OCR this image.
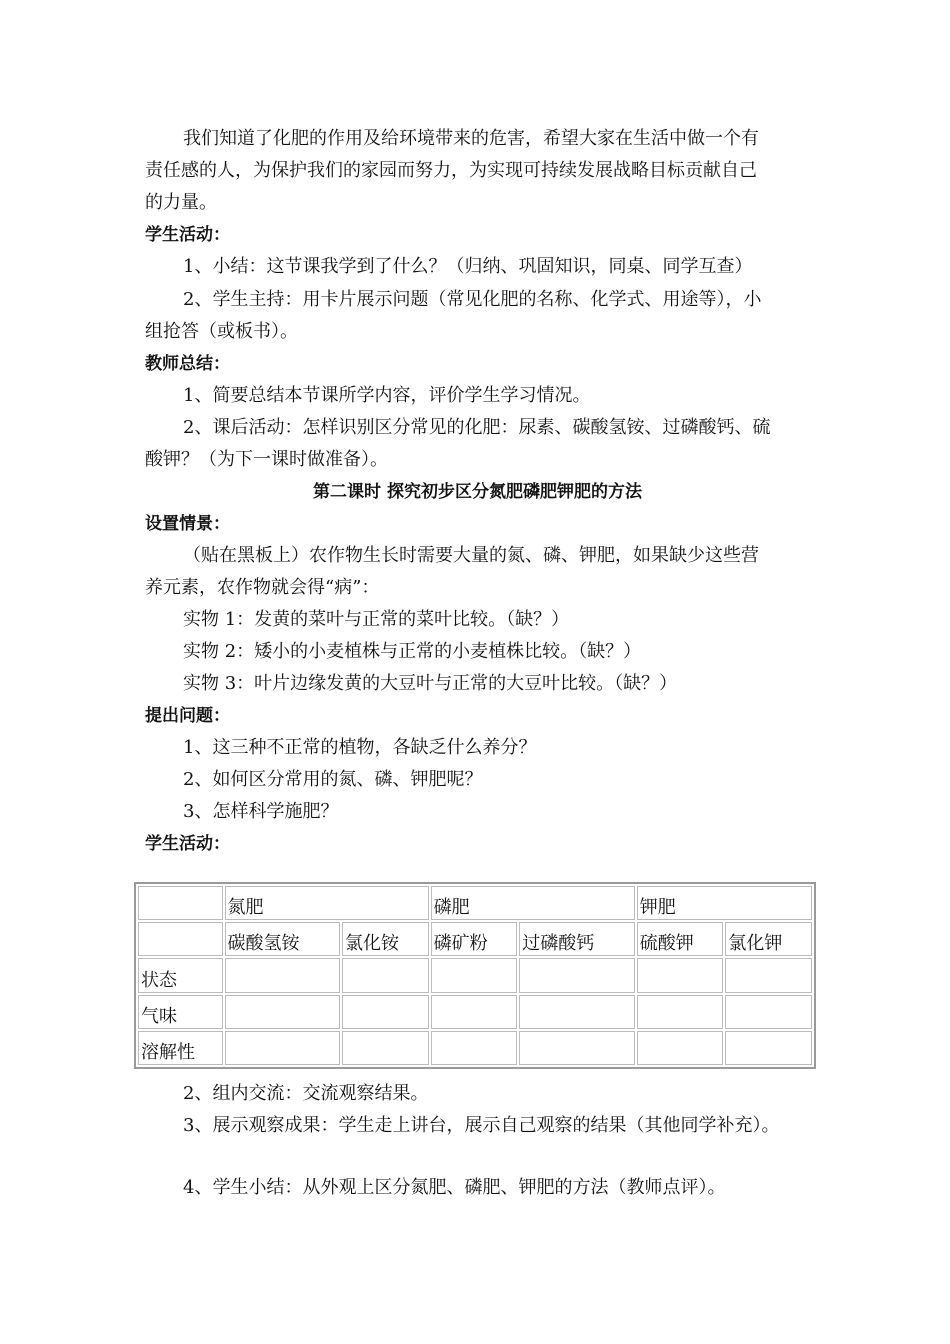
我们知道了化肥的作用及给环境带来的危害，希望大家在生活中做一个有
责任感的人，为保护我们的家园而努力，为实现可持续发展战略目标贡献自己
的力量。
学生活动：
1、小结：这节课我学到了什么？（归纳、巩固知识，同桌、同学互查）
2、学生主持：用卡片展示问题（常见化肥的名称、化学式、用途等），小
组抢答（或板书）。
教师总结：
1、简要总结本节课所学内容，评价学生学习情况。
2、课后活动：怎样识别区分常见的化肥：尿素、碳酸氢铵、过磷酸钙、硫
酸钾？（为下一课时做准备）。
第二课时 探究初步区分氮肥磷肥钾肥的方法
设置情景：
（贴在黑板上）农作物生长时需要大量的氮、磷、钾肥，如果缺少这些营
养元素，农作物就会得“病”：
实物 1：发黄的菜叶与正常的菜叶比较。（缺？）
实物 2：矮小的小麦植株与正常的小麦植株比较。（缺？）
实物 3：叶片边缘发黄的大豆叶与正常的大豆叶比较。（缺？）
提出问题：
1、这三种不正常的植物，各缺乏什么养分？
2、如何区分常用的氮、磷、钾肥呢？
3、怎样科学施肥？
学生活动：
	氮肥		磷肥		钾肥	
	碳酸氢铵	氯化铵	磷矿粉	过磷酸钙	硫酸钾	氯化钾
状态						
气味						
溶解性						
2、组内交流：交流观察结果。
3、展示观察成果：学生走上讲台，展示自己观察的结果（其他同学补充）。
4、学生小结：从外观上区分氮肥、磷肥、钾肥的方法（教师点评）。
